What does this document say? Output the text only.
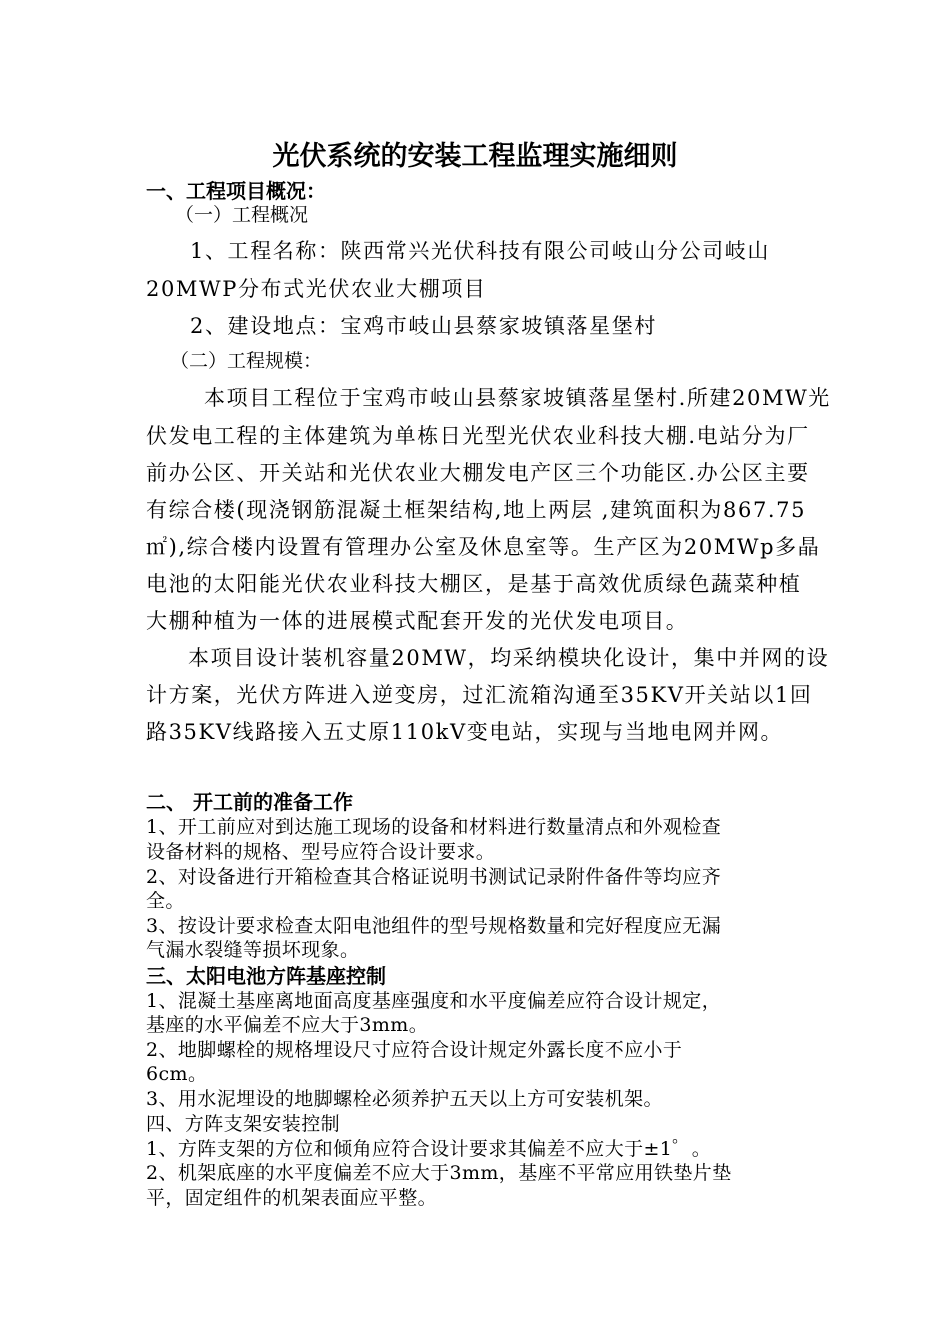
光伏系统的安装工程监理实施细则
一、工程项目概况：
（一）工程概况
1、工程名称：陕西常兴光伏科技有限公司岐山分公司岐山
20MWP分布式光伏农业大棚项目
2、建设地点：宝鸡市岐山县蔡家坡镇落星堡村
（二）工程规模：
本项目工程位于宝鸡市岐山县蔡家坡镇落星堡村.所建20MW光
伏发电工程的主体建筑为单栋日光型光伏农业科技大棚.电站分为厂
前办公区、开关站和光伏农业大棚发电产区三个功能区.办公区主要
有综合楼(现浇钢筋混凝土框架结构,地上两层 ,建筑面积为867.75
㎡),综合楼内设置有管理办公室及休息室等。生产区为20MWp多晶
电池的太阳能光伏农业科技大棚区，是基于高效优质绿色蔬菜种植
大棚种植为一体的进展模式配套开发的光伏发电项目。
本项目设计装机容量20MW，均采纳模块化设计，集中并网的设
计方案，光伏方阵进入逆变房，过汇流箱沟通至35KV开关站以1回
路35KV线路接入五丈原110kV变电站，实现与当地电网并网。
二、 开工前的准备工作
1、开工前应对到达施工现场的设备和材料进行数量清点和外观检查
设备材料的规格、型号应符合设计要求。
2、对设备进行开箱检查其合格证说明书测试记录附件备件等均应齐
全。
3、按设计要求检查太阳电池组件的型号规格数量和完好程度应无漏
气漏水裂缝等损坏现象。
三、太阳电池方阵基座控制
1、混凝土基座离地面高度基座强度和水平度偏差应符合设计规定，
基座的水平偏差不应大于3mm。
2、地脚螺栓的规格埋设尺寸应符合设计规定外露长度不应小于
6cm。
3、用水泥埋设的地脚螺栓必须养护五天以上方可安装机架。
四、方阵支架安装控制
1、方阵支架的方位和倾角应符合设计要求其偏差不应大于±1゜。
2、机架底座的水平度偏差不应大于3mm，基座不平常应用铁垫片垫
平，固定组件的机架表面应平整。
